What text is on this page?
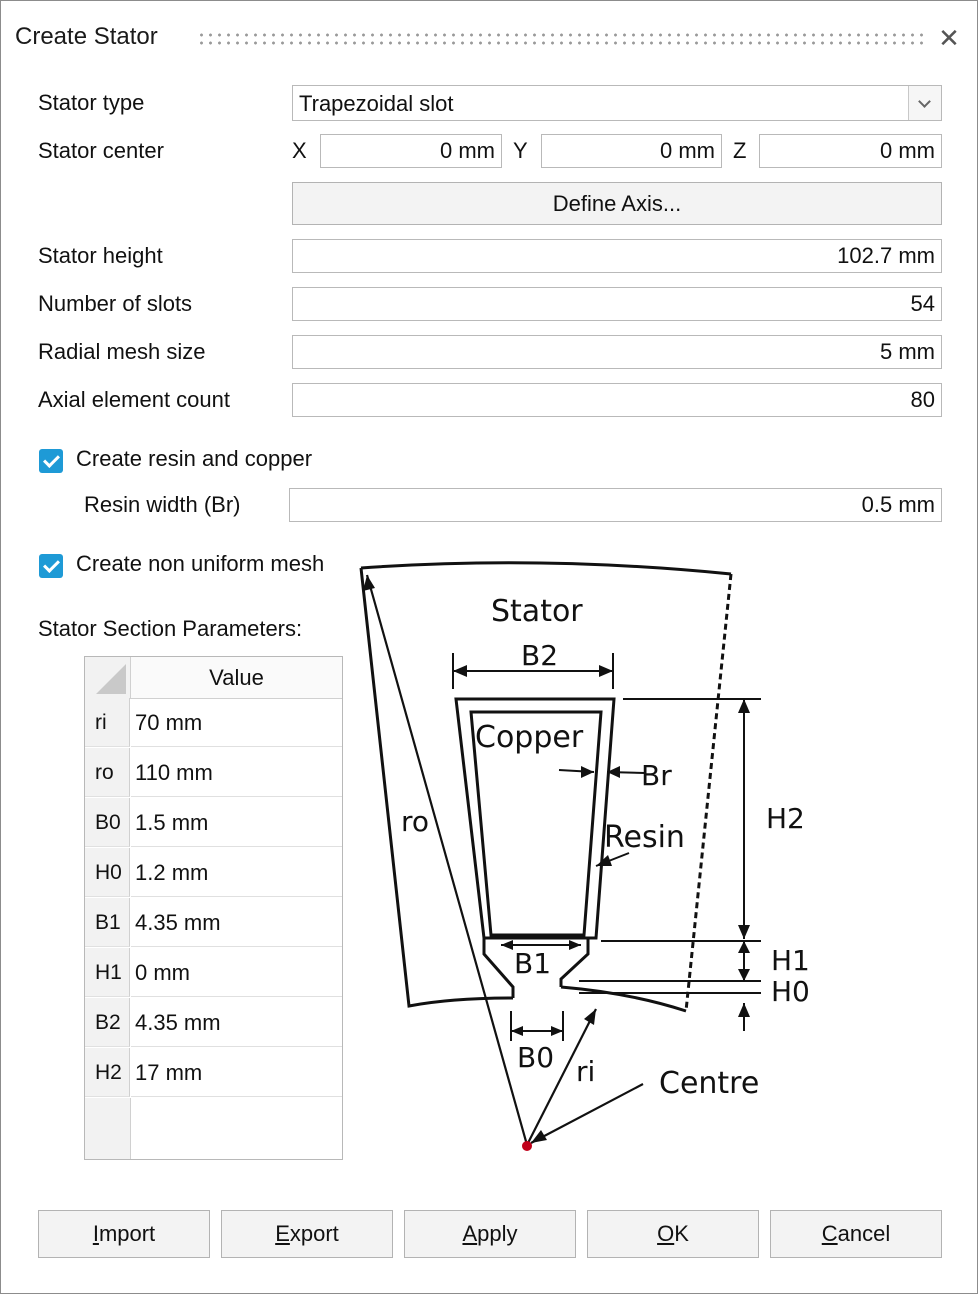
Create Stator	✕
Stator type	Trapezoidal slot
Stator center	X	0 mm Y	0 mm Z	0 mm
Define Axis...
Stator height	102.7 mm
Number of slots	54
Radial mesh size	5 mm
Axial element count	80
Create resin and copper
Resin width (Br)	0.5 mm
Create non uniform mesh
Stator Section Parameters:
Value
ri	70 mm
ro 110 mm
B0 1.5 mm
H0 1.2 mm
B1 4.35 mm
H1 0 mm
B2 4.35 mm
H2 17 mm
Stator
B2
Copper
Br
Resin
ro	H2
B1	H1
H0
B0 ri Centre
Import	Export	Apply	OK	Cancel
